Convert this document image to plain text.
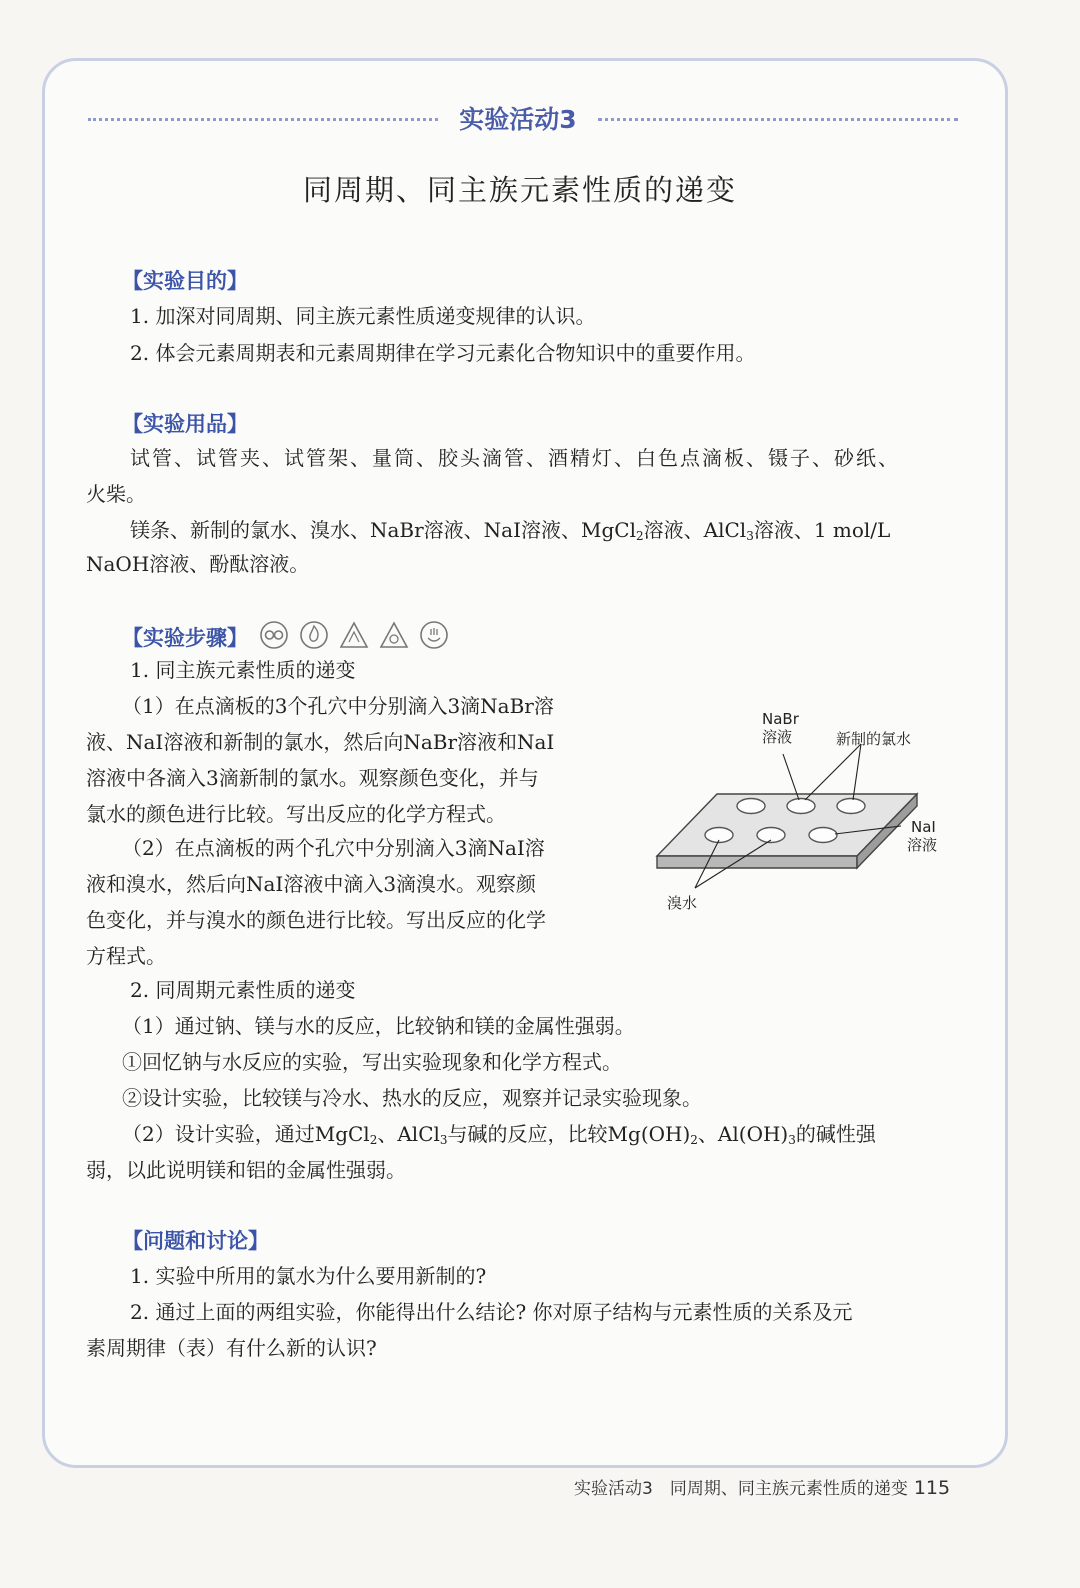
实验活动3
同周期、同主族元素性质的递变
【实验目的】
1. 加深对同周期、同主族元素性质递变规律的认识。
2. 体会元素周期表和元素周期律在学习元素化合物知识中的重要作用。
【实验用品】
试管、试管夹、试管架、量筒、胶头滴管、酒精灯、白色点滴板、镊子、砂纸、
火柴。
镁条、新制的氯水、溴水、NaBr溶液、NaI溶液、MgCl$_2$溶液、AlCl$_3$溶液、1 mol/L
NaOH溶液、酚酞溶液。
【实验步骤】
1. 同主族元素性质的递变
（1）在点滴板的3个孔穴中分别滴入3滴NaBr溶
液、NaI溶液和新制的氯水，然后向NaBr溶液和NaI
溶液中各滴入3滴新制的氯水。观察颜色变化，并与
氯水的颜色进行比较。写出反应的化学方程式。
（2）在点滴板的两个孔穴中分别滴入3滴NaI溶
液和溴水，然后向NaI溶液中滴入3滴溴水。观察颜
色变化，并与溴水的颜色进行比较。写出反应的化学
方程式。
NaBr
溶液	新制的氯水
NaI
溶液
溴水
2. 同周期元素性质的递变
（1）通过钠、镁与水的反应，比较钠和镁的金属性强弱。
①回忆钠与水反应的实验，写出实验现象和化学方程式。
②设计实验，比较镁与冷水、热水的反应，观察并记录实验现象。
（2）设计实验，通过MgCl$_2$、AlCl$_3$与碱的反应，比较$Mg(OH)_2$、$Al(OH)_3$的碱性强
弱，以此说明镁和铝的金属性强弱。
【问题和讨论】
1. 实验中所用的氯水为什么要用新制的?
2. 通过上面的两组实验，你能得出什么结论? 你对原子结构与元素性质的关系及元
素周期律（表）有什么新的认识?
实验活动3　同周期、同主族元素性质的递变 115
